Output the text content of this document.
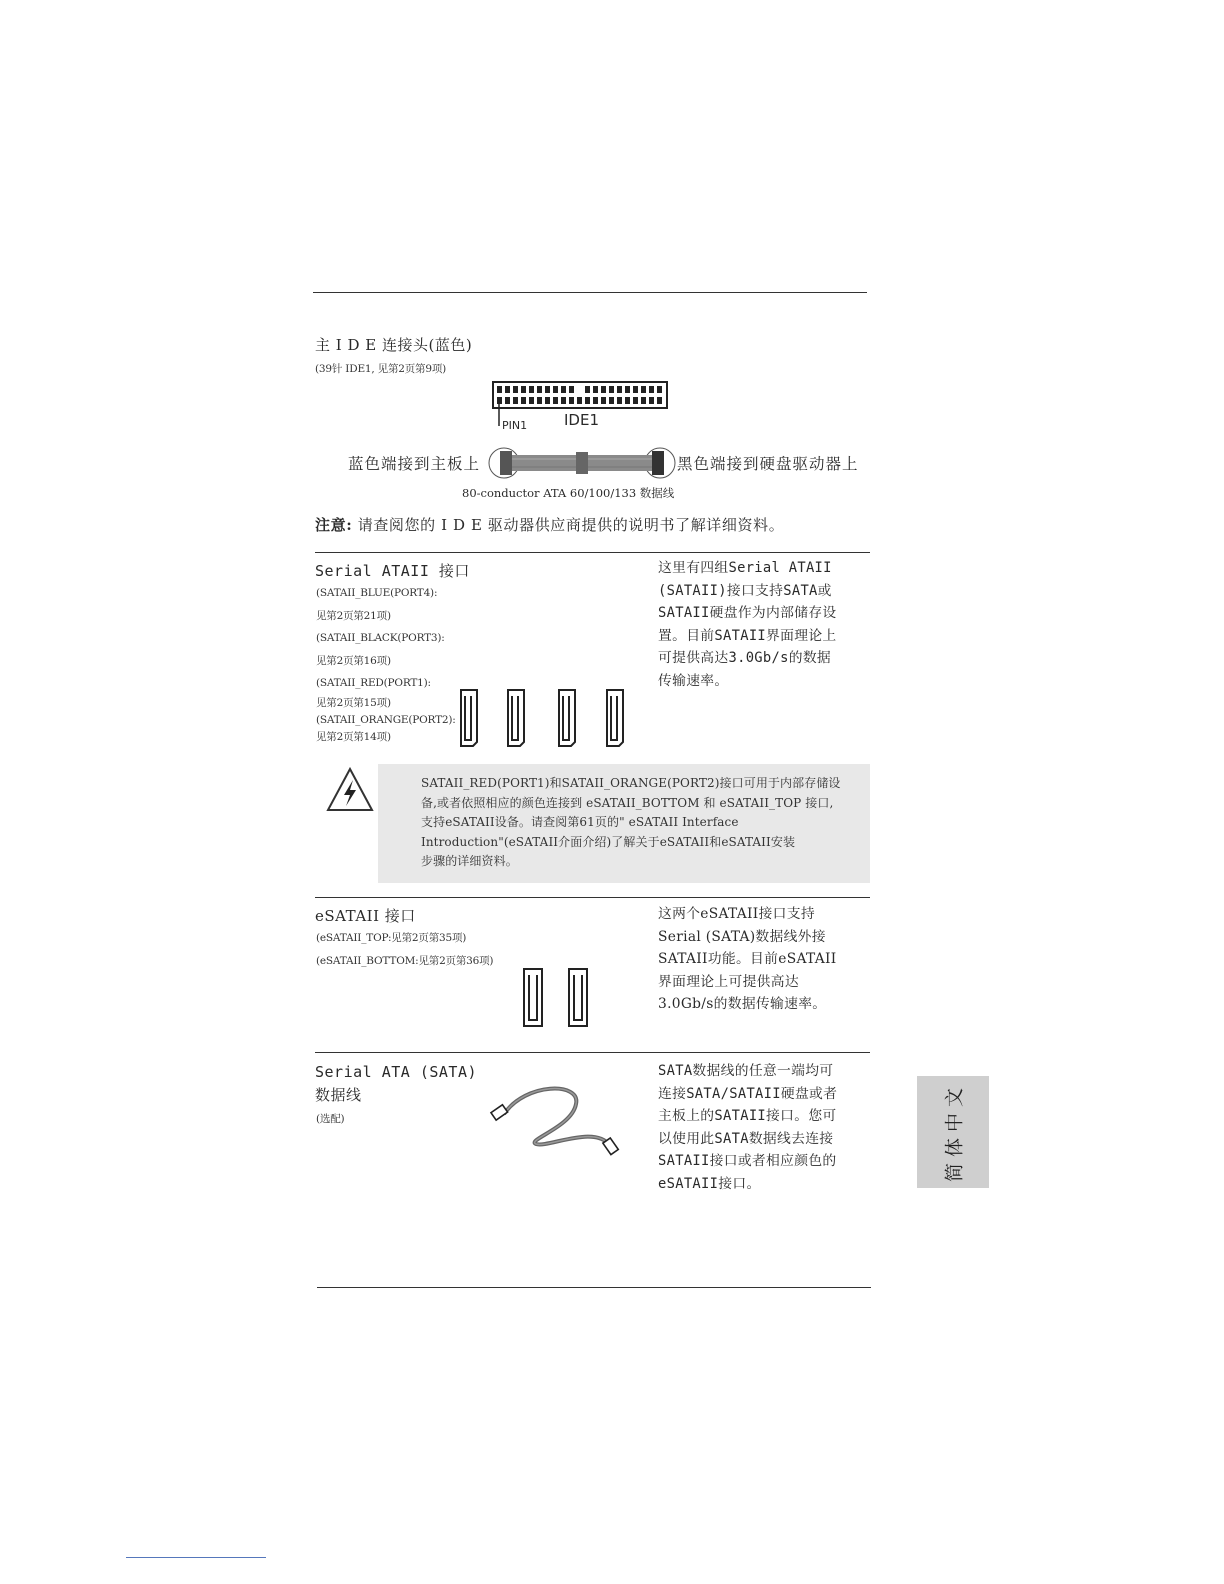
主 I D E 连接头(蓝色)
(39针 IDE1, 见第2页第9项)
PIN1 IDE1
蓝色端接到主板上	黑色端接到硬盘驱动器上
80-conductor ATA 60/100/133 数据线
注意: 请查阅您的 I D E 驱动器供应商提供的说明书了解详细资料。
Serial ATAII 接口
(SATAII_BLUE(PORT4):
见第2页第21项)
(SATAII_BLACK(PORT3):
见第2页第16项)
(SATAII_RED(PORT1):
见第2页第15项)
(SATAII_ORANGE(PORT2):
见第2页第14项)
这里有四组Serial ATAII
(SATAII)接口支持SATA或
SATAII硬盘作为内部储存设
置。目前SATAII界面理论上
可提供高达3.0Gb/s的数据
传输速率。
SATAII_RED(PORT1)和SATAII_ORANGE(PORT2)接口可用于内部存储设
备,或者依照相应的颜色连接到 eSATAII_BOTTOM 和 eSATAII_TOP 接口,
支持eSATAII设备。请查阅第61页的" eSATAII Interface
Introduction"(eSATAII介面介绍)了解关于eSATAII和eSATAII安装
步骤的详细资料。
eSATAII 接口
(eSATAII_TOP:见第2页第35项)
(eSATAII_BOTTOM:见第2页第36项)
这两个eSATAII接口支持
Serial (SATA)数据线外接
SATAII功能。目前eSATAII
界面理论上可提供高达
3.0Gb/s的数据传输速率。
Serial ATA (SATA)
数据线
(选配)
SATA数据线的任意一端均可
连接SATA/SATAII硬盘或者
主板上的SATAII接口。您可
以使用此SATA数据线去连接
SATAII接口或者相应颜色的
eSATAII接口。
简体中文
